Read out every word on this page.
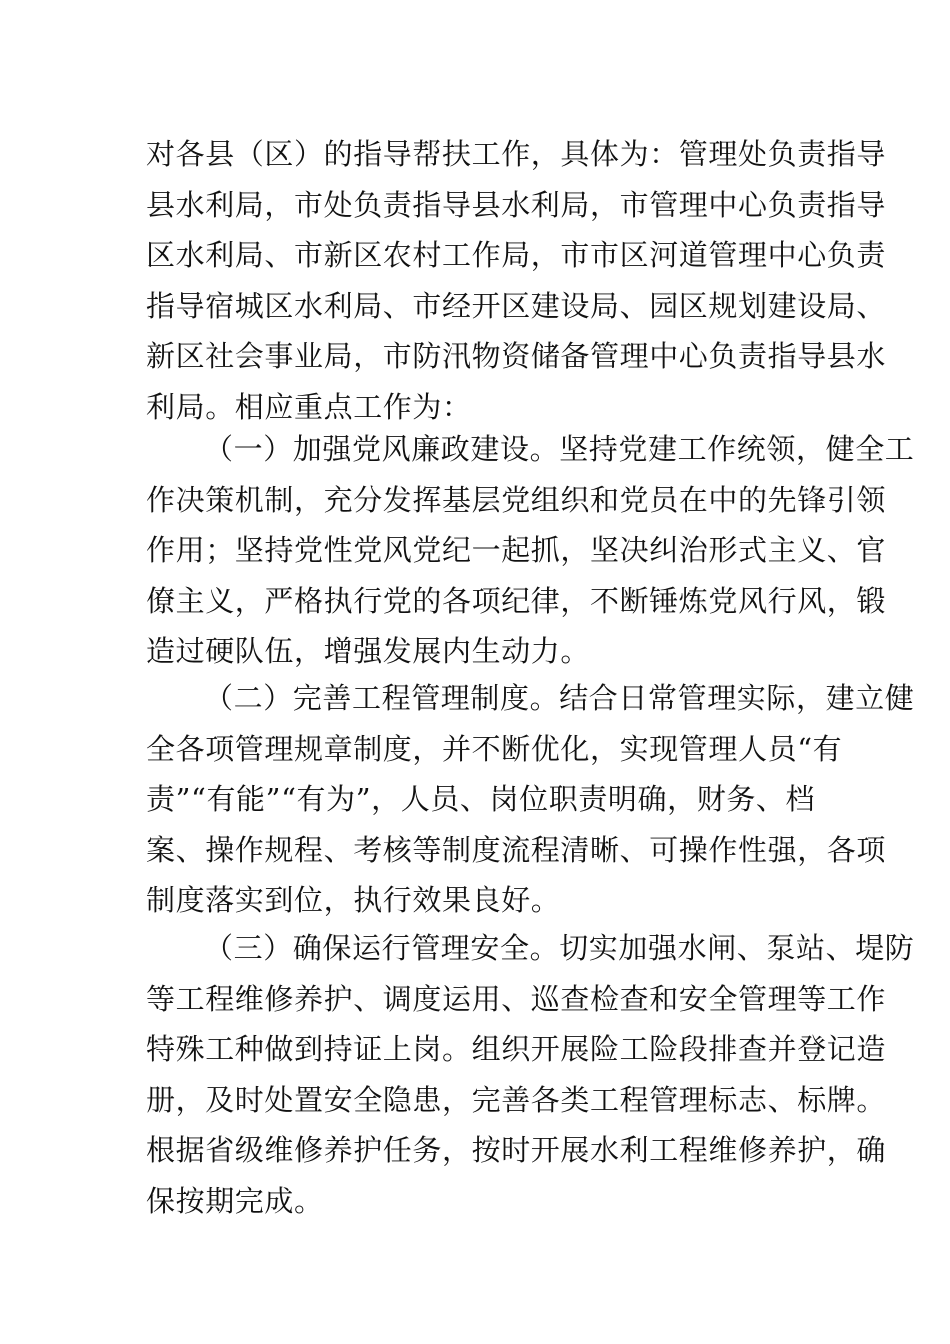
对各县（区）的指导帮扶工作，具体为：管理处负责指导
县水利局，市处负责指导县水利局，市管理中心负责指导
区水利局、市新区农村工作局，市市区河道管理中心负责
指导宿城区水利局、市经开区建设局、园区规划建设局、
新区社会事业局，市防汛物资储备管理中心负责指导县水
利局。相应重点工作为：
（一）加强党风廉政建设。坚持党建工作统领，健全工
作决策机制，充分发挥基层党组织和党员在中的先锋引领
作用；坚持党性党风党纪一起抓，坚决纠治形式主义、官
僚主义，严格执行党的各项纪律，不断锤炼党风行风，锻
造过硬队伍，增强发展内生动力。
（二）完善工程管理制度。结合日常管理实际，建立健
全各项管理规章制度，并不断优化，实现管理人员“有
责”“有能”“有为”，人员、岗位职责明确，财务、档
案、操作规程、考核等制度流程清晰、可操作性强，各项
制度落实到位，执行效果良好。
（三）确保运行管理安全。切实加强水闸、泵站、堤防
等工程维修养护、调度运用、巡查检查和安全管理等工作
特殊工种做到持证上岗。组织开展险工险段排查并登记造
册，及时处置安全隐患，完善各类工程管理标志、标牌。
根据省级维修养护任务，按时开展水利工程维修养护，确
保按期完成。
